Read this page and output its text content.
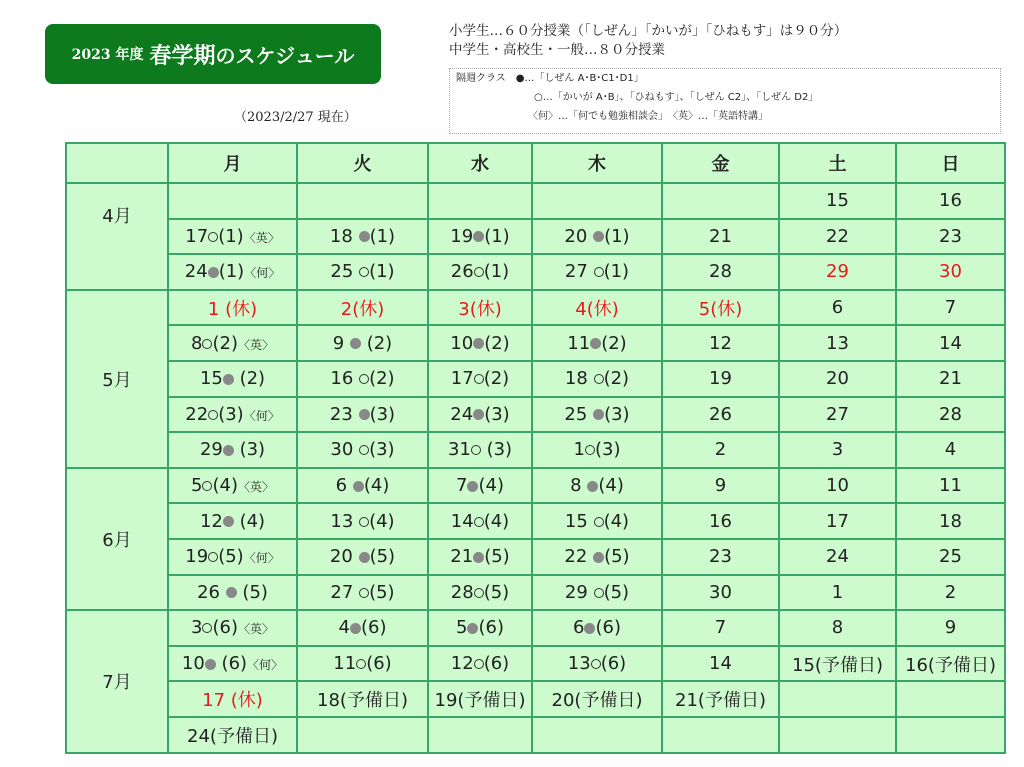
2023 年度 春学期 のスケジュール
（2023/2/27 現在）
小学生…６０分授業（「しぜん」「かいが」「ひねもす」は９０分）
中学生・高校生・一般…８０分授業
隔週クラス　●…「しぜん A･B･C1･D1」
○…「かいが A･B」、「ひねもす」、「しぜん C2」、「しぜん D2」
〈何〉…「何でも勉強相談会」　〈英〉…「英語特講」
	月	火	水	木	金	土	日
4月						15	16
	17 (1)〈英〉	18 (1)	19 (1)	20 (1)	21	22	23
	24 (1)〈何〉	25 (1)	26 (1)	27 (1)	28	29	30
5月	1 (休)	2(休)	3(休)	4(休)	5(休)	6	7
	8 (2)〈英〉	9  (2)	10 (2)	11 (2)	12	13	14
	15 (2)	16 (2)	17 (2)	18 (2)	19	20	21
	22 (3)〈何〉	23 (3)	24 (3)	25 (3)	26	27	28
	29 (3)	30 (3)	31 (3)	1 (3)	2	3	4
6月	5 (4)〈英〉	6 (4)	7 (4)	8 (4)	9	10	11
	12 (4)	13 (4)	14 (4)	15 (4)	16	17	18
	19 (5)〈何〉	20 (5)	21 (5)	22 (5)	23	24	25
	26  (5)	27 (5)	28 (5)	29 (5)	30	1	2
7月	3 (6)〈英〉	4 (6)	5 (6)	6 (6)	7	8	9
	10 (6)〈何〉	11 (6)	12 (6)	13 (6)	14	15(予備日)	16(予備日)
	17 (休)	18(予備日)	19(予備日)	20(予備日)	21(予備日)		
	24(予備日)						
